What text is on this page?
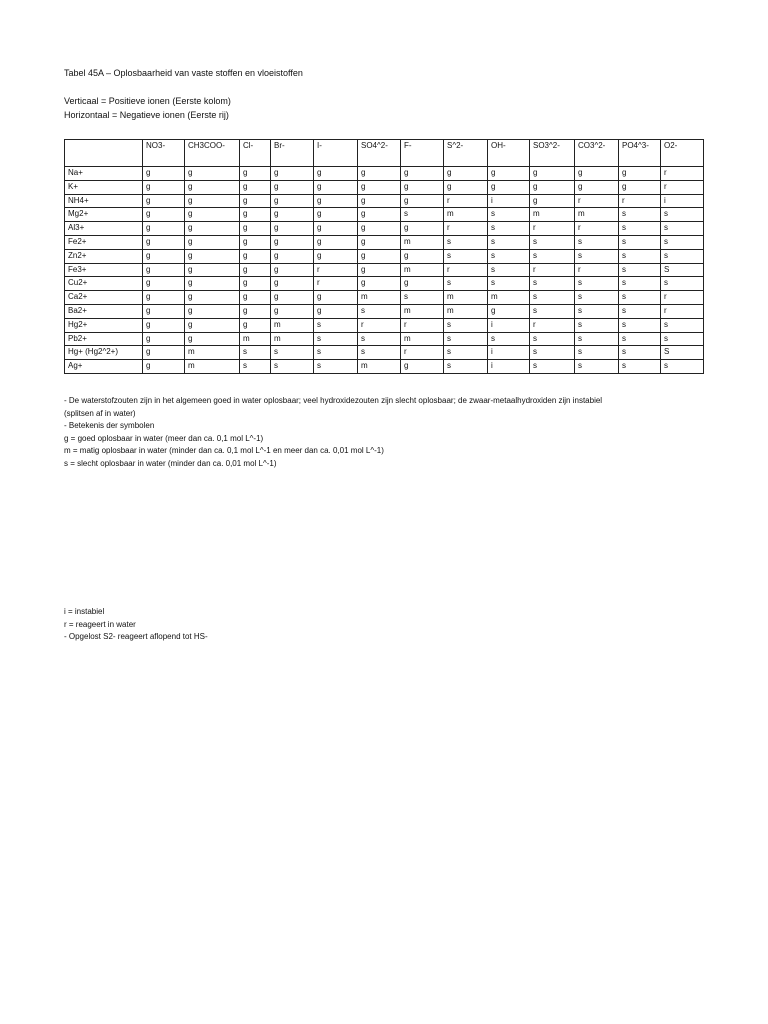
Tabel 45A – Oplosbaarheid van vaste stoffen en vloeistoffen
Verticaal = Positieve ionen (Eerste kolom)
Horizontaal = Negatieve ionen (Eerste rij)
	NO3-	CH3COO-	Cl-	Br-	I-	SO4^2-	F-	S^2-	OH-	SO3^2-	CO3^2-	PO4^3-	O2-
Na+	g	g	g	g	g	g	g	g	g	g	g	g	r
K+	g	g	g	g	g	g	g	g	g	g	g	g	r
NH4+	g	g	g	g	g	g	g	r	i	g	r	r	i
Mg2+	g	g	g	g	g	g	s	m	s	m	m	s	s
Al3+	g	g	g	g	g	g	g	r	s	r	r	s	s
Fe2+	g	g	g	g	g	g	m	s	s	s	s	s	s
Zn2+	g	g	g	g	g	g	g	s	s	s	s	s	s
Fe3+	g	g	g	g	r	g	m	r	s	r	r	s	S
Cu2+	g	g	g	g	r	g	g	s	s	s	s	s	s
Ca2+	g	g	g	g	g	m	s	m	m	s	s	s	r
Ba2+	g	g	g	g	g	s	m	m	g	s	s	s	r
Hg2+	g	g	g	m	s	r	r	s	i	r	s	s	s
Pb2+	g	g	m	m	s	s	m	s	s	s	s	s	s
Hg+ (Hg2^2+)	g	m	s	s	s	s	r	s	i	s	s	s	S
Ag+	g	m	s	s	s	m	g	s	i	s	s	s	s
- De waterstofzouten zijn in het algemeen goed in water oplosbaar; veel hydroxidezouten zijn slecht oplosbaar; de zwaar-metaalhydroxiden zijn instabiel
(splitsen af in water)
- Betekenis der symbolen
g = goed oplosbaar in water (meer dan ca. 0,1 mol L^-1)
m = matig oplosbaar in water (minder dan ca. 0,1 mol L^-1 en meer dan ca. 0,01 mol L^-1)
s = slecht oplosbaar in water (minder dan ca. 0,01 mol L^-1)
i = instabiel
r = reageert in water
- Opgelost S2- reageert aflopend tot HS-
